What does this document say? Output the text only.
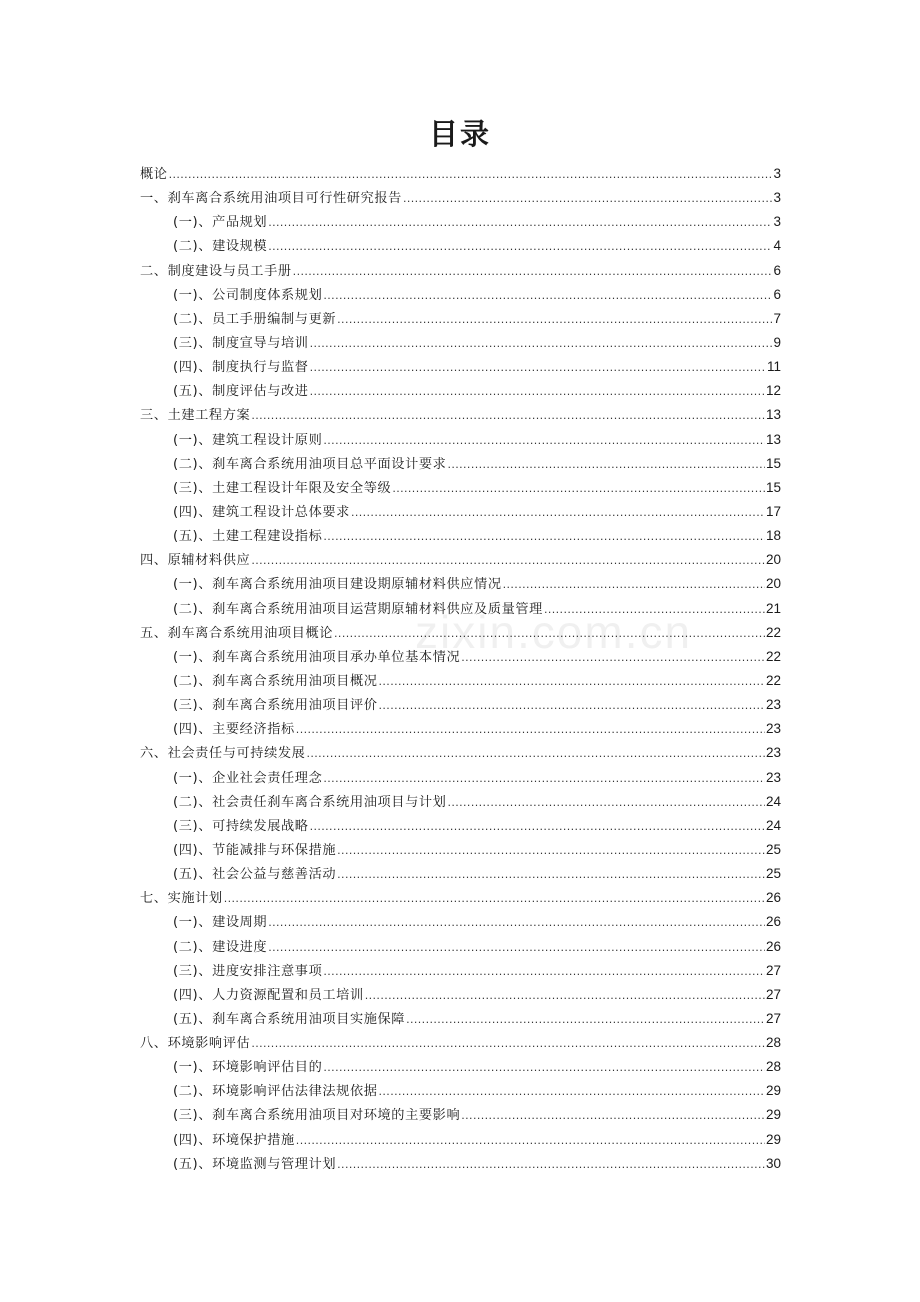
目录
概论 .....	3
一、刹车离合系统用油项目可行性研究报告 .....	3
(一)、产品规划 .....	3
(二)、建设规模 .....	4
二、制度建设与员工手册 .....	6
(一)、公司制度体系规划 .....	6
(二)、员工手册编制与更新 .....	7
(三)、制度宣导与培训 .....	9
(四)、制度执行与监督 .....	11
(五)、制度评估与改进 .....	12
三、土建工程方案 .....	13
(一)、建筑工程设计原则 .....	13
(二)、刹车离合系统用油项目总平面设计要求 .....	15
(三)、土建工程设计年限及安全等级 .....	15
(四)、建筑工程设计总体要求 .....	17
(五)、土建工程建设指标 .....	18
四、原辅材料供应 .....	20
(一)、刹车离合系统用油项目建设期原辅材料供应情况 .....	20
(二)、刹车离合系统用油项目运营期原辅材料供应及质量管理 .....	21
五、刹车离合系统用油项目概论 .....	22
(一)、刹车离合系统用油项目承办单位基本情况 .....	22
(二)、刹车离合系统用油项目概况 .....	22
(三)、刹车离合系统用油项目评价 .....	23
(四)、主要经济指标 .....	23
六、社会责任与可持续发展 .....	23
(一)、企业社会责任理念 .....	23
(二)、社会责任刹车离合系统用油项目与计划 .....	24
(三)、可持续发展战略 .....	24
(四)、节能减排与环保措施 .....	25
(五)、社会公益与慈善活动 .....	25
七、实施计划 .....	26
(一)、建设周期 .....	26
(二)、建设进度 .....	26
(三)、进度安排注意事项 .....	27
(四)、人力资源配置和员工培训 .....	27
(五)、刹车离合系统用油项目实施保障 .....	27
八、环境影响评估 .....	28
(一)、环境影响评估目的 .....	28
(二)、环境影响评估法律法规依据 .....	29
(三)、刹车离合系统用油项目对环境的主要影响 .....	29
(四)、环境保护措施 .....	29
(五)、环境监测与管理计划 .....	30
zixin.com.cn
